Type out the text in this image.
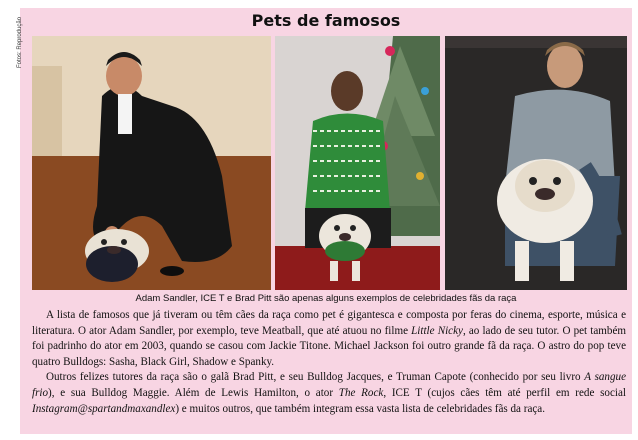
Pets de famosos
Fotos: Reprodução
Adam Sandler, ICE T e Brad Pitt são apenas alguns exemplos de celebridades fãs da raça

A lista de famosos que já tiveram ou têm cães da raça como pet é gigantesca e composta por feras do cinema, esporte, música e literatura. O ator Adam Sandler, por exemplo, teve Meatball, que até atuou no filme Little Nicky, ao lado de seu tutor. O pet também foi padrinho do ator em 2003, quando se casou com Jackie Titone. Michael Jackson foi outro grande fã da raça. O astro do pop teve quatro Bulldogs: Sasha, Black Girl, Shadow e Spanky.

Outros felizes tutores da raça são o galã Brad Pitt, e seu Bulldog Jacques, e Truman Capote (conhecido por seu livro A sangue frio), e sua Bulldog Maggie. Além de Lewis Hamilton, o ator The Rock, ICE T (cujos cães têm até perfil em rede social Instagram@spartandmaxandlex) e muitos outros, que também integram essa vasta lista de celebridades fãs da raça.
